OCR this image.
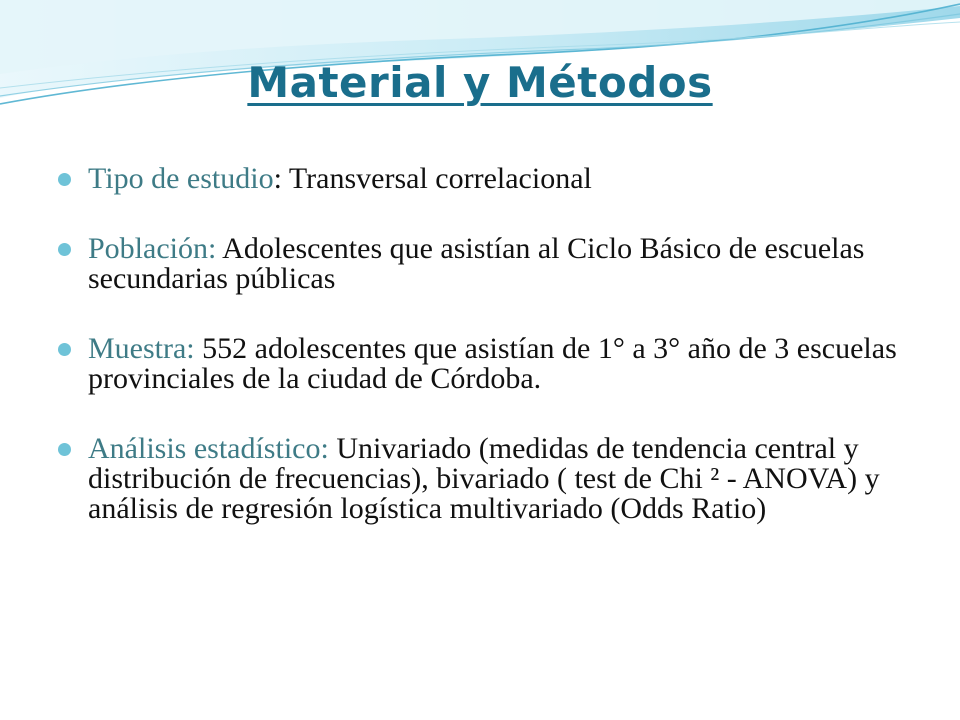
Material y Métodos
Tipo de estudio: Transversal correlacional
Población: Adolescentes que asistían al Ciclo Básico de escuelas secundarias públicas
Muestra: 552 adolescentes que asistían de 1° a 3° año de 3 escuelas provinciales de la ciudad de Córdoba.
Análisis estadístico: Univariado (medidas de tendencia central y distribución de frecuencias), bivariado ( test de Chi ² - ANOVA) y análisis de regresión logística multivariado (Odds Ratio)
